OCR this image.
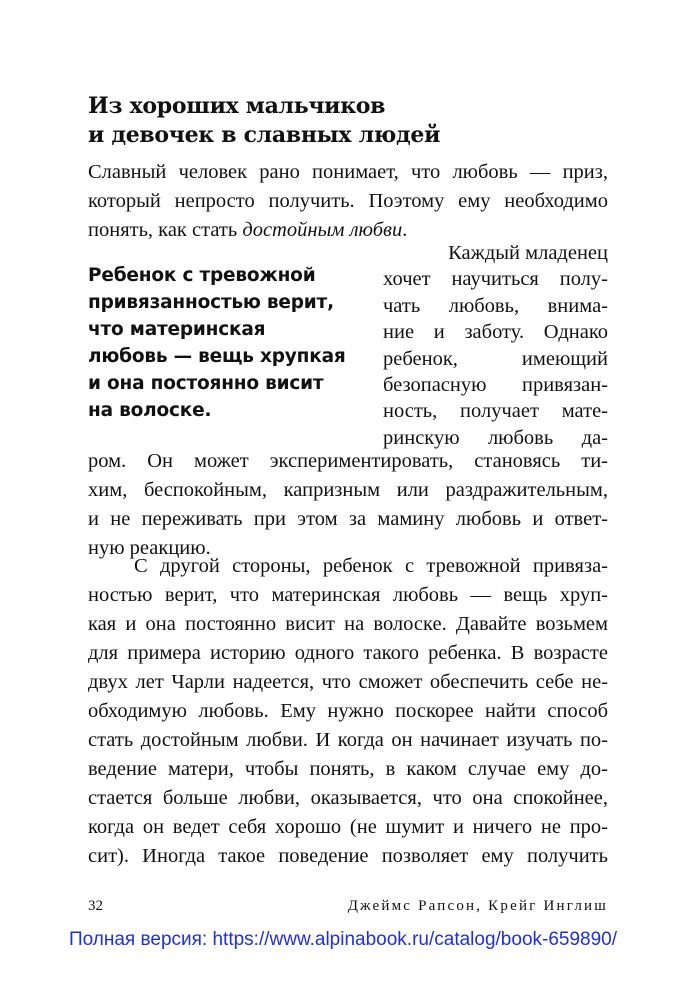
Из хороших мальчиков
и девочек в славных людей
Славный человек рано понимает, что любовь — приз,
который непросто получить. Поэтому ему необходимо
понять, как стать достойным любви.
Ребенок с тревожной
привязанностью верит,
что материнская
любовь — вещь хрупкая
и она постоянно висит
на волоске.
Каждый младенец
хочет научиться полу-
чать любовь, внима-
ние и заботу. Однако
ребенок, имеющий
безопасную привязан-
ность, получает мате-
ринскую любовь да-
ром. Он может экспериментировать, становясь ти-
хим, беспокойным, капризным или раздражительным,
и не переживать при этом за мамину любовь и ответ-
ную реакцию.
С другой стороны, ребенок с тревожной привяза-
ностью верит, что материнская любовь — вещь хруп-
кая и она постоянно висит на волоске. Давайте возьмем
для примера историю одного такого ребенка. В возрасте
двух лет Чарли надеется, что сможет обеспечить себе не-
обходимую любовь. Ему нужно поскорее найти способ
стать достойным любви. И когда он начинает изучать по-
ведение матери, чтобы понять, в каком случае ему до-
стается больше любви, оказывается, что она спокойнее,
когда он ведет себя хорошо (не шумит и ничего не про-
сит). Иногда такое поведение позволяет ему получить
32	Джеймс Рапсон, Крейг Инглиш
Полная версия: https://www.alpinabook.ru/catalog/book-659890/
